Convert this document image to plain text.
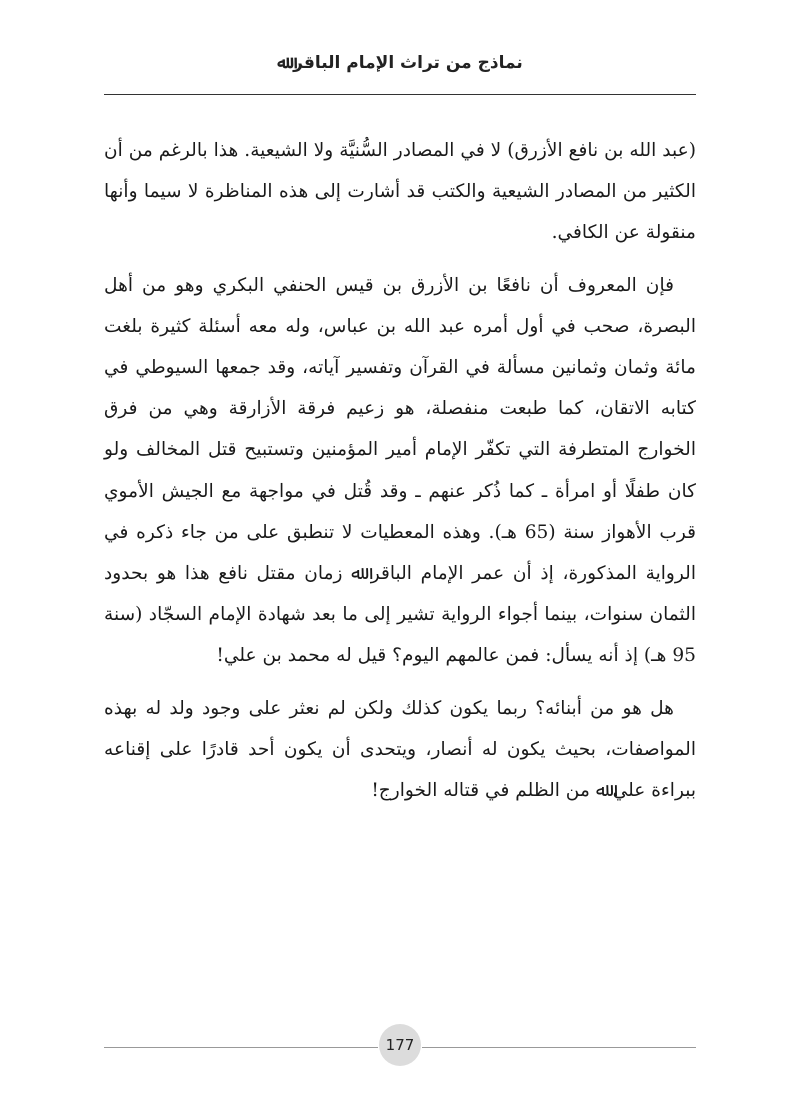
نماذج من تراث الإمام الباقر ﷲ

(عبد الله بن نافع الأزرق) لا في المصادر السُّنيَّة ولا الشيعية. هذا بالرغم من أن الكثير من المصادر الشيعية والكتب قد أشارت إلى هذه المناظرة لا سيما وأنها منقولة عن الكافي.

فإن المعروف أن نافعًا بن الأزرق بن قيس الحنفي البكري وهو من أهل البصرة، صحب في أول أمره عبد الله بن عباس، وله معه أسئلة كثيرة بلغت مائة وثمان وثمانين مسألة في القرآن وتفسير آياته، وقد جمعها السيوطي في كتابه الاتقان، كما طبعت منفصلة، هو زعيم فرقة الأزارقة وهي من فرق الخوارج المتطرفة التي تكفّر الإمام أمير المؤمنين وتستبيح قتل المخالف ولو كان طفلًا أو امرأة ـ كما ذُكر عنهم ـ وقد قُتل في مواجهة مع الجيش الأموي قرب الأهواز سنة (65 هـ). وهذه المعطيات لا تنطبق على من جاء ذكره في الرواية المذكورة، إذ أن عمر الإمام الباقر ﷲ زمان مقتل نافع هذا هو بحدود الثمان سنوات، بينما أجواء الرواية تشير إلى ما بعد شهادة الإمام السجّاد (سنة 95 هـ) إذ أنه يسأل: فمن عالمهم اليوم؟ قيل له محمد بن علي!

هل هو من أبنائه؟ ربما يكون كذلك ولكن لم نعثر على وجود ولد له بهذه المواصفات، بحيث يكون له أنصار، ويتحدى أن يكون أحد قادرًا على إقناعه ببراءة علي ﷲ من الظلم في قتاله الخوارج!

177
